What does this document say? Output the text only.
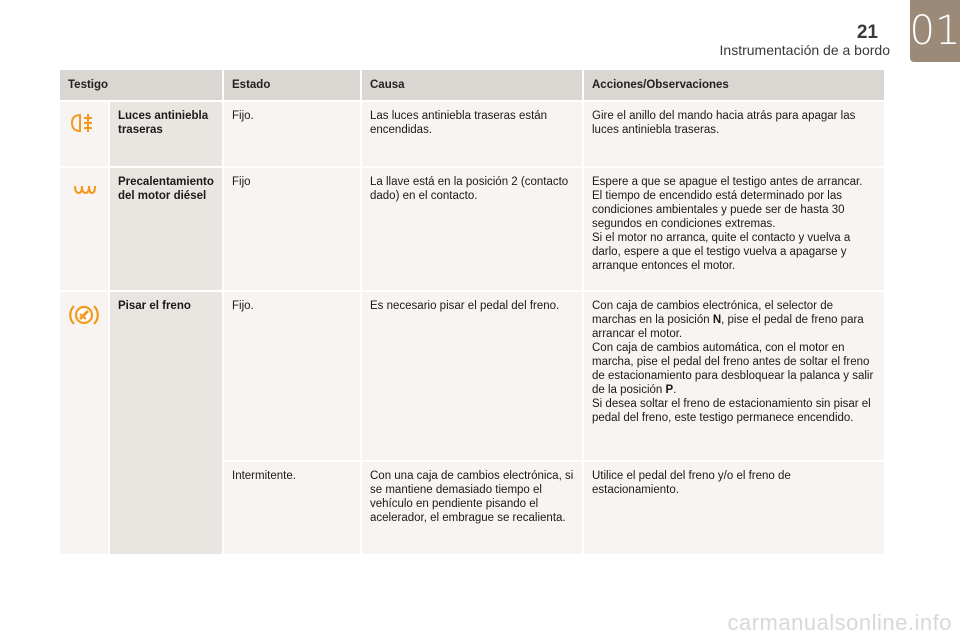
21
Instrumentación de a bordo 01
Testigo		Estado	Causa	Acciones/Observaciones

	Luces antiniebla traseras	Fijo.	Las luces antiniebla traseras están encendidas.	Gire el anillo del mando hacia atrás para apagar las luces antiniebla traseras.

	Precalentamiento del motor diésel	Fijo	La llave está en la posición 2 (contacto dado) en el contacto.	Espere a que se apague el testigo antes de arrancar.
El tiempo de encendido está determinado por las condiciones ambientales y puede ser de hasta 30 segundos en condiciones extremas.
Si el motor no arranca, quite el contacto y vuelva a darlo, espere a que el testigo vuelva a apagarse y arranque entonces el motor.

	Pisar el freno	Fijo.	Es necesario pisar el pedal del freno.	Con caja de cambios electrónica, el selector de marchas en la posición N, pise el pedal de freno para arrancar el motor.
Con caja de cambios automática, con el motor en marcha, pise el pedal del freno antes de soltar el freno de estacionamiento para desbloquear la palanca y salir de la posición P.
Si desea soltar el freno de estacionamiento sin pisar el pedal del freno, este testigo permanece encendido.
		Intermitente.	Con una caja de cambios electrónica, si se mantiene demasiado tiempo el vehículo en pendiente pisando el acelerador, el embrague se recalienta.	Utilice el pedal del freno y/o el freno de estacionamiento.
carmanualsonline.info
